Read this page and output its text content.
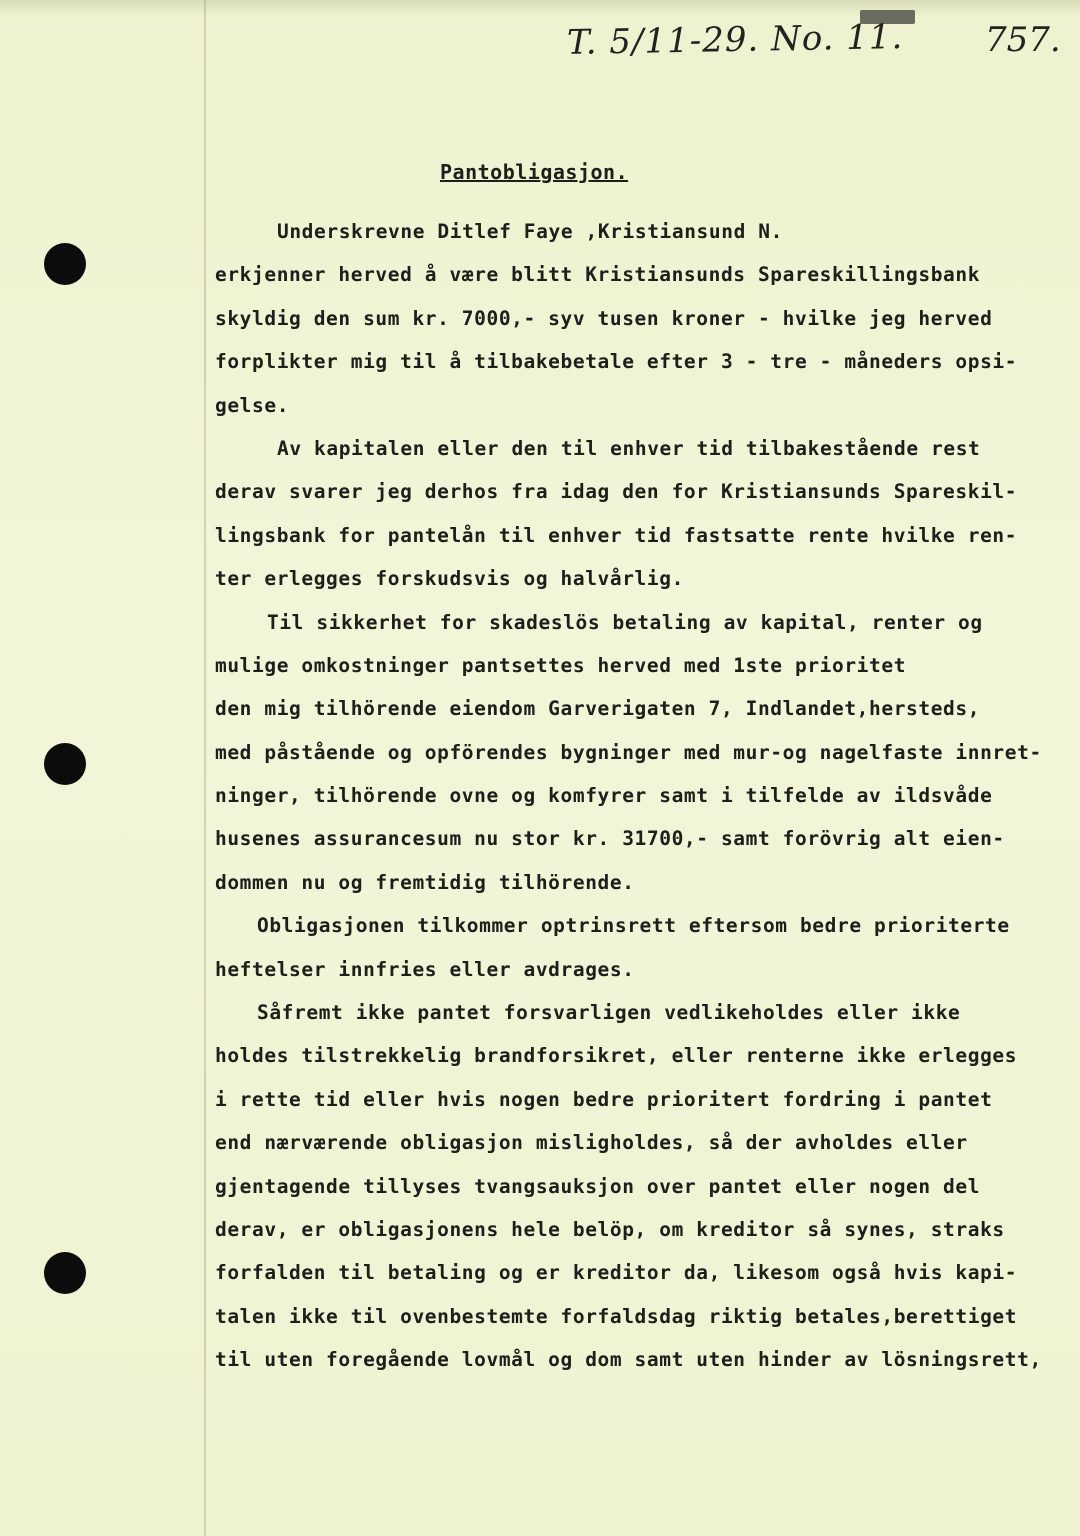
T. 5/11-29. No. 11. 757.
Pantobligasjon.
Underskrevne Ditlef Faye ,Kristiansund N.
erkjenner herved å være blitt Kristiansunds Spareskillingsbank
skyldig den sum kr. 7000,- syv tusen kroner - hvilke jeg herved
forplikter mig til å tilbakebetale efter 3 - tre - måneders opsi-
gelse.
Av kapitalen eller den til enhver tid tilbakestående rest
derav svarer jeg derhos fra idag den for Kristiansunds Spareskil-
lingsbank for pantelån til enhver tid fastsatte rente hvilke ren-
ter erlegges forskudsvis og halvårlig.
Til sikkerhet for skadeslös betaling av kapital, renter og
mulige omkostninger pantsettes herved med 1ste prioritet
den mig tilhörende eiendom Garverigaten 7, Indlandet,hersteds,
med påstående og opförendes bygninger med mur-og nagelfaste innret-
ninger, tilhörende ovne og komfyrer samt i tilfelde av ildsvåde
husenes assurancesum nu stor kr. 31700,- samt forövrig alt eien-
dommen nu og fremtidig tilhörende.
Obligasjonen tilkommer optrinsrett eftersom bedre prioriterte
heftelser innfries eller avdrages.
Såfremt ikke pantet forsvarligen vedlikeholdes eller ikke
holdes tilstrekkelig brandforsikret, eller renterne ikke erlegges
i rette tid eller hvis nogen bedre prioritert fordring i pantet
end nærværende obligasjon misligholdes, så der avholdes eller
gjentagende tillyses tvangsauksjon over pantet eller nogen del
derav, er obligasjonens hele belöp, om kreditor så synes, straks
forfalden til betaling og er kreditor da, likesom også hvis kapi-
talen ikke til ovenbestemte forfaldsdag riktig betales,berettiget
til uten foregående lovmål og dom samt uten hinder av lösningsrett,
